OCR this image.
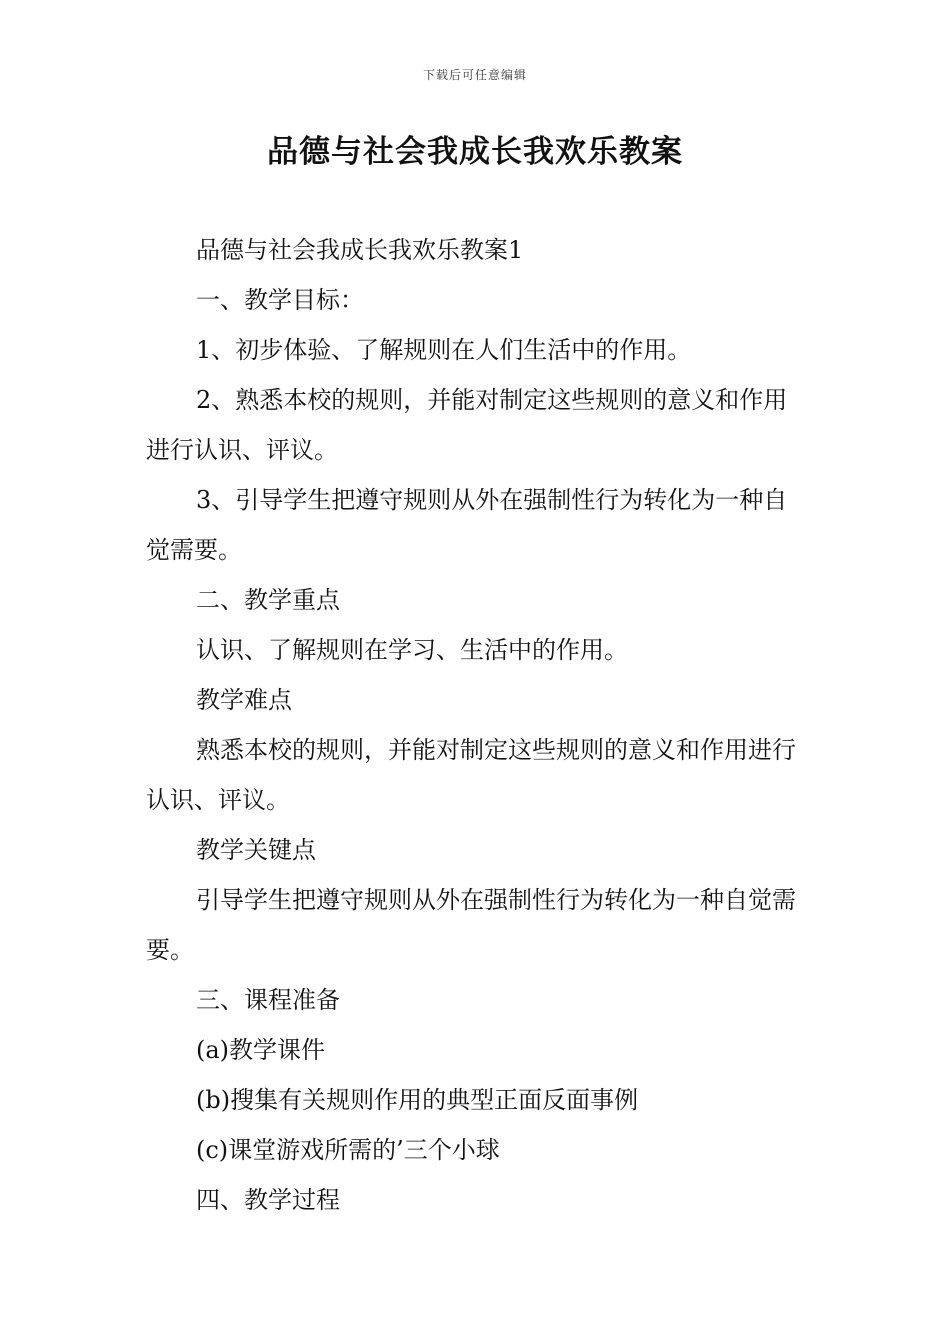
下载后可任意编辑
品德与社会我成长我欢乐教案

品德与社会我成长我欢乐教案1

一、教学目标：

1、初步体验、了解规则在人们生活中的作用。

2、熟悉本校的规则，并能对制定这些规则的意义和作用进行认识、评议。

3、引导学生把遵守规则从外在强制性行为转化为一种自觉需要。

二、教学重点

认识、了解规则在学习、生活中的作用。

教学难点

熟悉本校的规则，并能对制定这些规则的意义和作用进行认识、评议。

教学关键点

引导学生把遵守规则从外在强制性行为转化为一种自觉需要。

三、课程准备

(a)教学课件

(b)搜集有关规则作用的典型正面反面事例

(c)课堂游戏所需的’三个小球

四、教学过程
